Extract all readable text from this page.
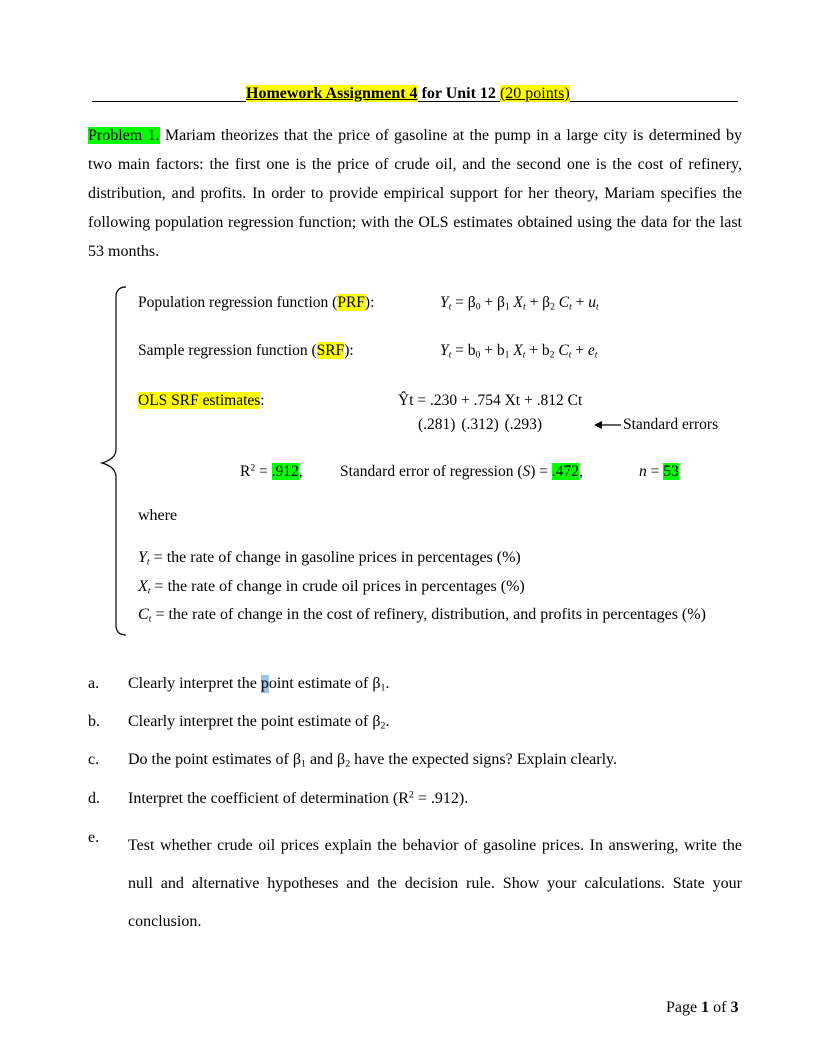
Homework Assignment 4 for Unit 12 (20 points)
Problem 1. Mariam theorizes that the price of gasoline at the pump in a large city is determined by two main factors: the first one is the price of crude oil, and the second one is the cost of refinery, distribution, and profits. In order to provide empirical support for her theory, Mariam specifies the following population regression function; with the OLS estimates obtained using the data for the last 53 months.
Population regression function (PRF):	$Y_t = \beta_0 + \beta_1$ $X_t + \beta_2$ $C_t + u_t$
Sample regression function (SRF):	$Y_t = b_0 + b_1$ $X_t + b_2$ $C_t + e_t$
OLS SRF estimates:	Ŷt = .230 + .754 Xt + .812 Ct
(.281) (.312) (.293)	Standard errors
$R^2 = .912$, Standard error of regression (S) = .472,	n = 53
where
$Y_t$ = the rate of change in gasoline prices in percentages (%)
$X_t$ = the rate of change in crude oil prices in percentages (%)
$C_t$ = the rate of change in the cost of refinery, distribution, and profits in percentages (%)
a. Clearly interpret the point estimate of $\beta_1$.
b. Clearly interpret the point estimate of $\beta_2$.
c. Do the point estimates of $\beta_1$ and $\beta_2$ have the expected signs? Explain clearly.
d. Interpret the coefficient of determination $(R^2 = .912)$.
e. Test whether crude oil prices explain the behavior of gasoline prices. In answering, write the null and alternative hypotheses and the decision rule. Show your calculations. State your conclusion.
Page 1 of 3
